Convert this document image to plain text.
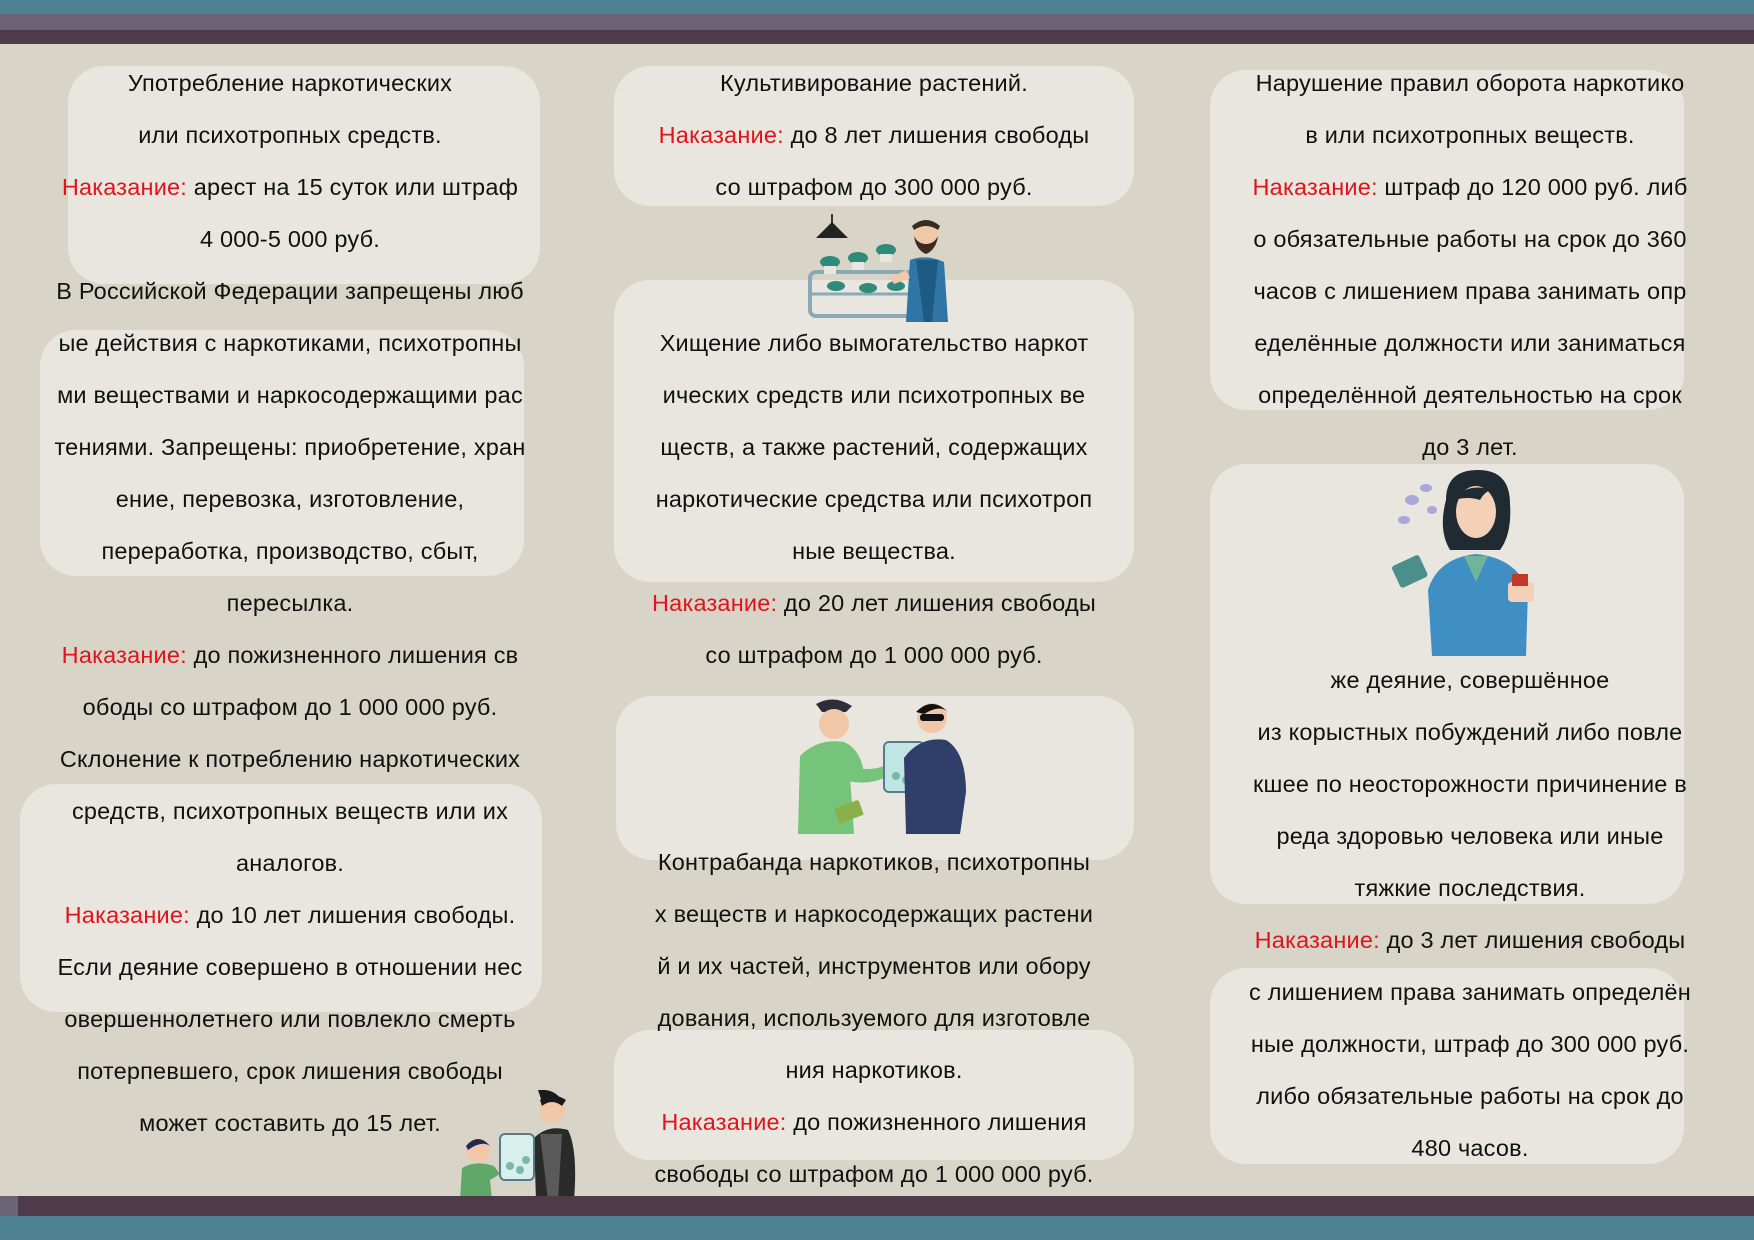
Употребление наркотических

или психотропных средств.

Наказание: арест на 15 суток или штраф

4 000-5 000 руб.

В Российской Федерации запрещены люб

ые действия с наркотиками, психотропны

ми веществами и наркосодержащими рас

тениями. Запрещены: приобретение, хран

ение, перевозка, изготовление,

переработка, производство, сбыт,

пересылка.

Наказание: до пожизненного лишения св

ободы со штрафом до 1 000 000 руб.

Склонение к потреблению наркотических

средств, психотропных веществ или их

аналогов.

Наказание: до 10 лет лишения свободы.

Если деяние совершено в отношении нес

овершеннолетнего или повлекло смерть

потерпевшего, срок лишения свободы

может составить до 15 лет.

Культивирование растений.

Наказание: до 8 лет лишения свободы

со штрафом до 300 000 руб.

Хищение либо вымогательство наркот

ических средств или психотропных ве

ществ, а также растений, содержащих

наркотические средства или психотроп

ные вещества.

Наказание: до 20 лет лишения свободы

со штрафом до 1 000 000 руб.

Контрабанда наркотиков, психотропны

х веществ и наркосодержащих растени

й и их частей, инструментов или обору

дования, используемого для изготовле

ния наркотиков.

Наказание: до пожизненного лишения

свободы со штрафом до 1 000 000 руб.

Нарушение правил оборота наркотико

в или психотропных веществ.

Наказание: штраф до 120 000 руб. либ

о обязательные работы на срок до 360

часов с лишением права занимать опр

еделённые должности или заниматься

определённой деятельностью на срок

до 3 лет.

же деяние, совершённое

из корыстных побуждений либо повле

кшее по неосторожности причинение в

реда здоровью человека или иные

тяжкие последствия.

Наказание: до 3 лет лишения свободы

с лишением права занимать определён

ные должности, штраф до 300 000 руб.

либо обязательные работы на срок до

480 часов.
